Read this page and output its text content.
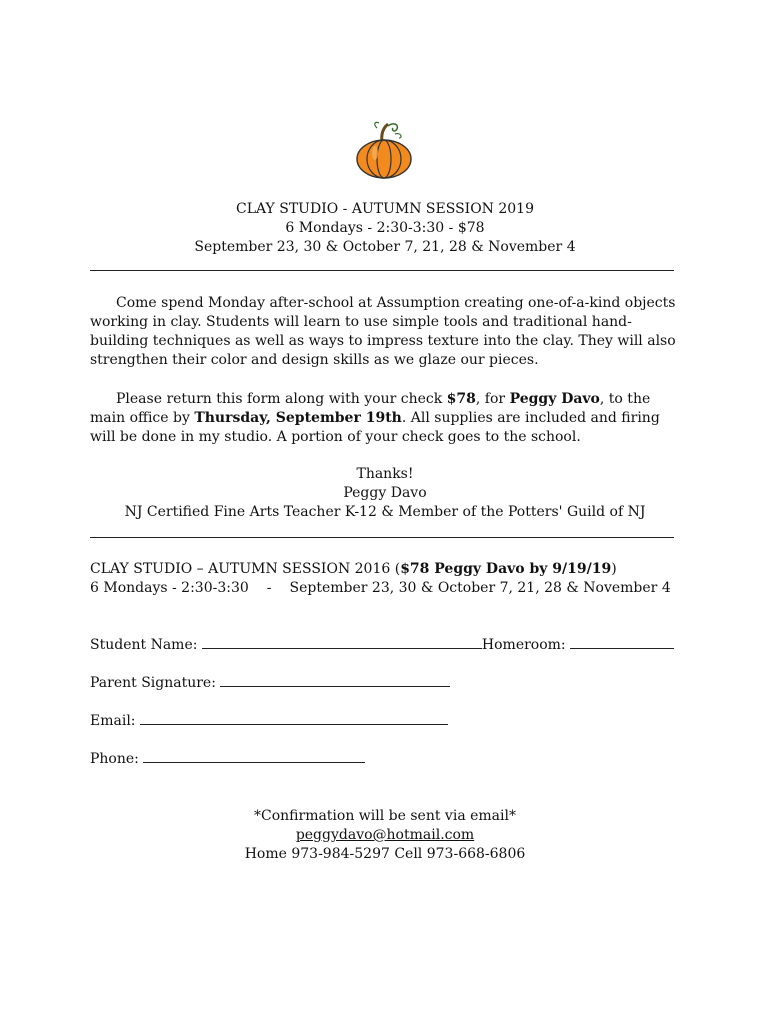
CLAY STUDIO - AUTUMN SESSION 2019
6 Mondays - 2:30-3:30 - $78
September 23, 30 & October 7, 21, 28 & November 4
Come spend Monday after-school at Assumption creating one-of-a-kind objects working in clay. Students will learn to use simple tools and traditional hand-building techniques as well as ways to impress texture into the clay. They will also strengthen their color and design skills as we glaze our pieces.
Please return this form along with your check $78, for Peggy Davo, to the main office by Thursday, September 19th. All supplies are included and firing will be done in my studio. A portion of your check goes to the school.
Thanks!
Peggy Davo
NJ Certified Fine Arts Teacher K-12 & Member of the Potters' Guild of NJ
CLAY STUDIO – AUTUMN SESSION 2016 ($78 Peggy Davo by 9/19/19)
6 Mondays - 2:30-3:30 - September 23, 30 & October 7, 21, 28 & November 4
Student Name:	Homeroom:
Parent Signature:
Email:
Phone:
*Confirmation will be sent via email*
peggydavo@hotmail.com
Home 973-984-5297 Cell 973-668-6806
